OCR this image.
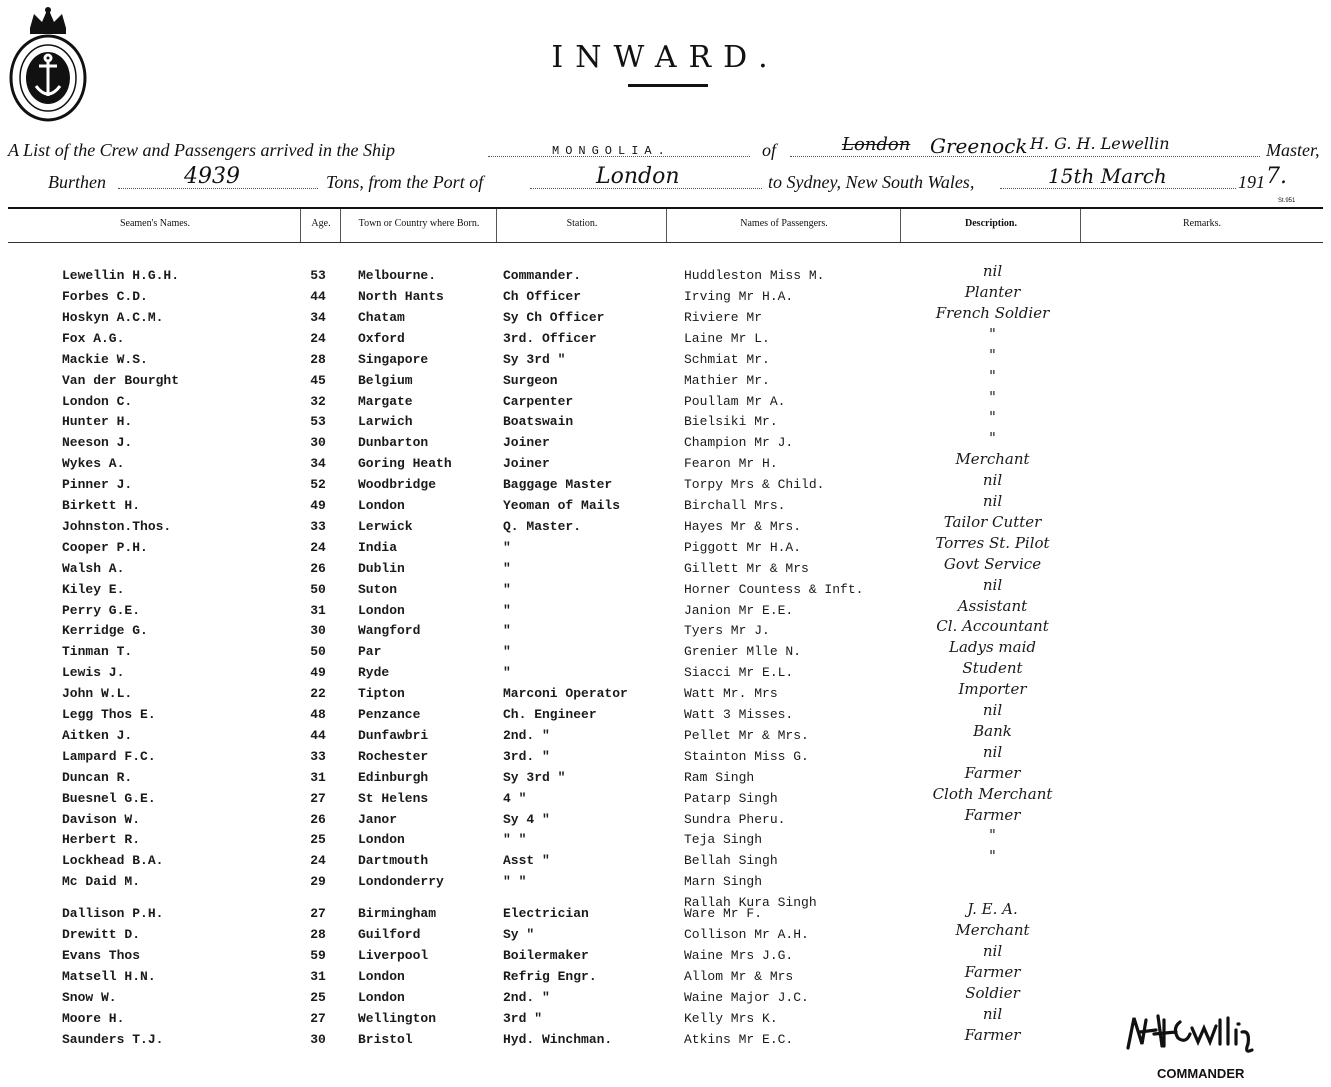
INWARD.
A List of the Crew and Passengers arrived in the Ship	MONGOLIA.	of	London Greenock H. G. H. Lewellin	Master,
Burthen	4939	Tons, from the Port of	London	to Sydney, New South Wales,	15th March	191 7.
St.951
Seamen's Names.	Age.	Town or Country where Born.	Station.	Names of Passengers.	Description.	Remarks.
Lewellin H.G.H.	53 Melbourne.	Commander.	Huddleston Miss M.	nil
Forbes C.D.	44 North Hants	Ch Officer	Irving Mr H.A.	Planter
Hoskyn A.C.M.	34 Chatam	Sy Ch Officer	Riviere Mr	French Soldier
Fox A.G.	24 Oxford	3rd. Officer	Laine Mr L.	"
Mackie W.S.	28 Singapore	Sy 3rd "	Schmiat Mr.	"
Van der Bourght	45 Belgium	Surgeon	Mathier Mr.	"
London C.	32 Margate	Carpenter	Poullam Mr A.	"
Hunter H.	53 Larwich	Boatswain	Bielsiki Mr.	"
Neeson J.	30 Dunbarton	Joiner	Champion Mr J.	"
Wykes A.	34 Goring Heath	Joiner	Fearon Mr H.	Merchant
Pinner J.	52 Woodbridge	Baggage Master	Torpy Mrs & Child.	nil
Birkett H.	49 London	Yeoman of Mails	Birchall Mrs.	nil
Johnston.Thos.	33 Lerwick	Q. Master.	Hayes Mr & Mrs.	Tailor Cutter
Cooper P.H.	24 India	"	Piggott Mr H.A.	Torres St. Pilot
Walsh A.	26 Dublin	"	Gillett Mr & Mrs	Govt Service
Kiley E.	50 Suton	"	Horner Countess & Inft.	nil
Perry G.E.	31 London	"	Janion Mr E.E.	Assistant
Kerridge G.	30 Wangford	"	Tyers Mr J.	Cl. Accountant
Tinman T.	50 Par	"	Grenier Mlle N.	Ladys maid
Lewis J.	49 Ryde	"	Siacci Mr E.L.	Student
John W.L.	22 Tipton	Marconi Operator	Watt Mr. Mrs	Importer
Legg Thos E.	48 Penzance	Ch. Engineer	Watt 3 Misses.	nil
Aitken J.	44 Dunfawbri	2nd. "	Pellet Mr & Mrs.	Bank
Lampard F.C.	33 Rochester	3rd. "	Stainton Miss G.	nil
Duncan R.	31 Edinburgh	Sy 3rd "	Ram Singh	Farmer
Buesnel G.E.	27 St Helens	4 "	Patarp Singh	Cloth Merchant
Davison W.	26 Janor	Sy 4 "	Sundra Pheru.	Farmer
Herbert R.	25 London	" "	Teja Singh	"
Lockhead B.A.	24 Dartmouth	Asst "	Bellah Singh	"
Mc Daid M.	29 Londonderry	" "	Marn Singh
Rallah Kura Singh
Dallison P.H.	27 Birmingham	Electrician	Ware Mr F.	J. E. A.
Drewitt D.	28 Guilford	Sy "	Collison Mr A.H.	Merchant
Evans Thos	59 Liverpool	Boilermaker	Waine Mrs J.G.	nil
Matsell H.N.	31 London	Refrig Engr.	Allom Mr & Mrs	Farmer
Snow W.	25 London	2nd. "	Waine Major J.C.	Soldier
Moore H.	27 Wellington	3rd "	Kelly Mrs K.	nil
Saunders T.J.	30 Bristol	Hyd. Winchman.	Atkins Mr E.C.	Farmer
COMMANDER
